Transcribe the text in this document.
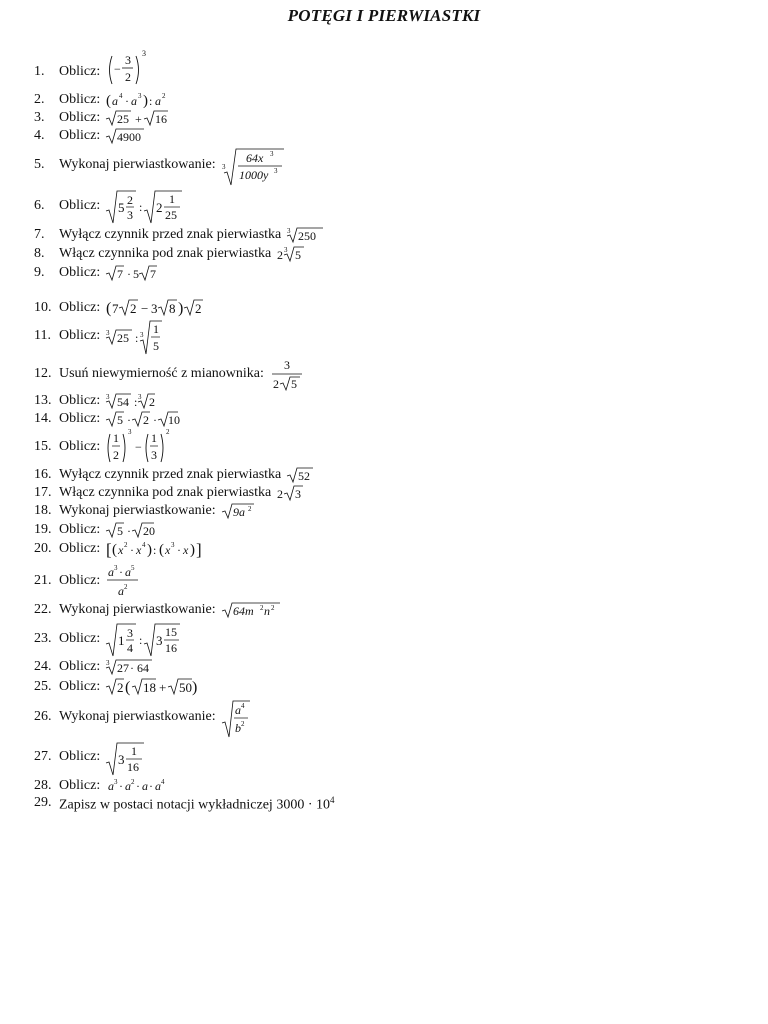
POTĘGI I PIERWIASTKI
1.	Oblicz: −
3
2
3
2.	Oblicz: ( a 4 · a 3 ) : a 2
3.	Oblicz: 25 + 16
4.	Oblicz: 4900
5.	Wykonaj pierwiastkowanie: 3
64x 3
1000y 3
6.	Oblicz: 5 2
3
: 2
1
25
7.	Wyłącz czynnik przed znak pierwiastka 3 250
8.	Włącz czynnika pod znak pierwiastka 2 3 5
9.	Oblicz: 7 · 5 7
10. Oblicz: ( 7 2 − 3 8 ) 2
11. Oblicz: 3 25 : 3 1
5
12. Usuń niewymierność z mianownika:
3
2 5
13. Oblicz: 3 54 : 3 2
14. Oblicz: 5 · 2 · 10
15. Oblicz:
1
2
3
−
1
3
2
16. Wyłącz czynnik przed znak pierwiastka 52
17. Włącz czynnika pod znak pierwiastka 2 3
18. Wykonaj pierwiastkowanie: 9a 2
19. Oblicz: 5 · 20
20. Oblicz: [ ( x 2 · x 4 ) : ( x 3 · x ) ]
21. Oblicz:
a 3 · a 5
a 2
22. Wykonaj pierwiastkowanie: 64m 2 n 2
23. Oblicz: 1 3
4
: 3
15
16
24. Oblicz: 3 27 · 64
25. Oblicz: 2 ( 18 + 50 )
26. Wykonaj pierwiastkowanie: a 4
b 2
27. Oblicz: 3
1
16
28. Oblicz: a 3 · a 2 · a · a 4
29. Zapisz w postaci notacji wykładniczej $3000 \cdot 10^4$
